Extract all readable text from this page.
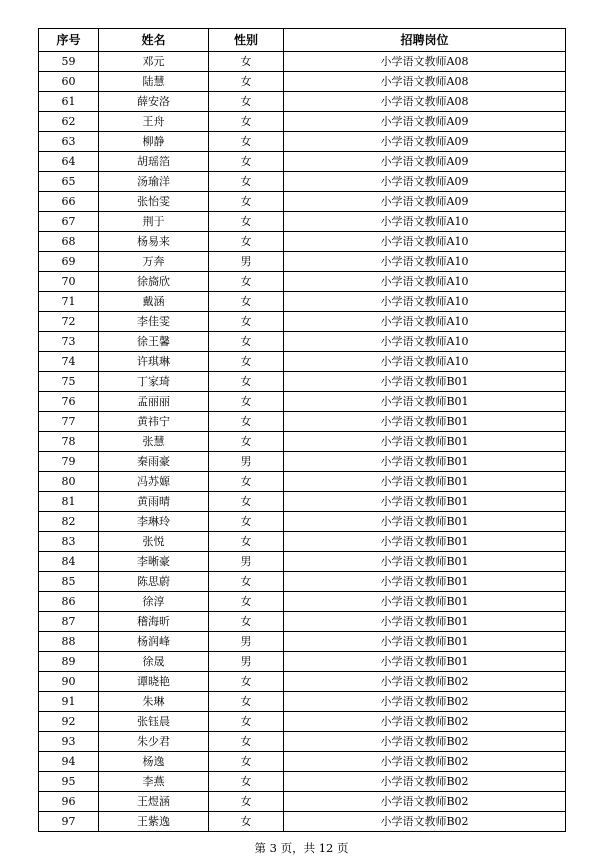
序号	姓名	性别	招聘岗位
59	邓元	女	小学语文教师A08
60	陆慧	女	小学语文教师A08
61	薛安洛	女	小学语文教师A08
62	王舟	女	小学语文教师A09
63	柳静	女	小学语文教师A09
64	胡瑶箔	女	小学语文教师A09
65	汤瑜洋	女	小学语文教师A09
66	张怡雯	女	小学语文教师A09
67	荆于	女	小学语文教师A10
68	杨易来	女	小学语文教师A10
69	万奔	男	小学语文教师A10
70	徐旖欣	女	小学语文教师A10
71	戴涵	女	小学语文教师A10
72	李佳雯	女	小学语文教师A10
73	徐王馨	女	小学语文教师A10
74	许琪琳	女	小学语文教师A10
75	丁家琦	女	小学语文教师B01
76	孟丽丽	女	小学语文教师B01
77	黄祎宁	女	小学语文教师B01
78	张慧	女	小学语文教师B01
79	秦雨豪	男	小学语文教师B01
80	冯苏嫄	女	小学语文教师B01
81	黄雨晴	女	小学语文教师B01
82	李琳玲	女	小学语文教师B01
83	张悦	女	小学语文教师B01
84	李晰豪	男	小学语文教师B01
85	陈思蔚	女	小学语文教师B01
86	徐淳	女	小学语文教师B01
87	稽海昕	女	小学语文教师B01
88	杨润峰	男	小学语文教师B01
89	徐晟	男	小学语文教师B01
90	谭晓艳	女	小学语文教师B02
91	朱琳	女	小学语文教师B02
92	张钰晨	女	小学语文教师B02
93	朱少君	女	小学语文教师B02
94	杨逸	女	小学语文教师B02
95	李燕	女	小学语文教师B02
96	王煜涵	女	小学语文教师B02
97	王紫逸	女	小学语文教师B02
第 3 页，共 12 页
